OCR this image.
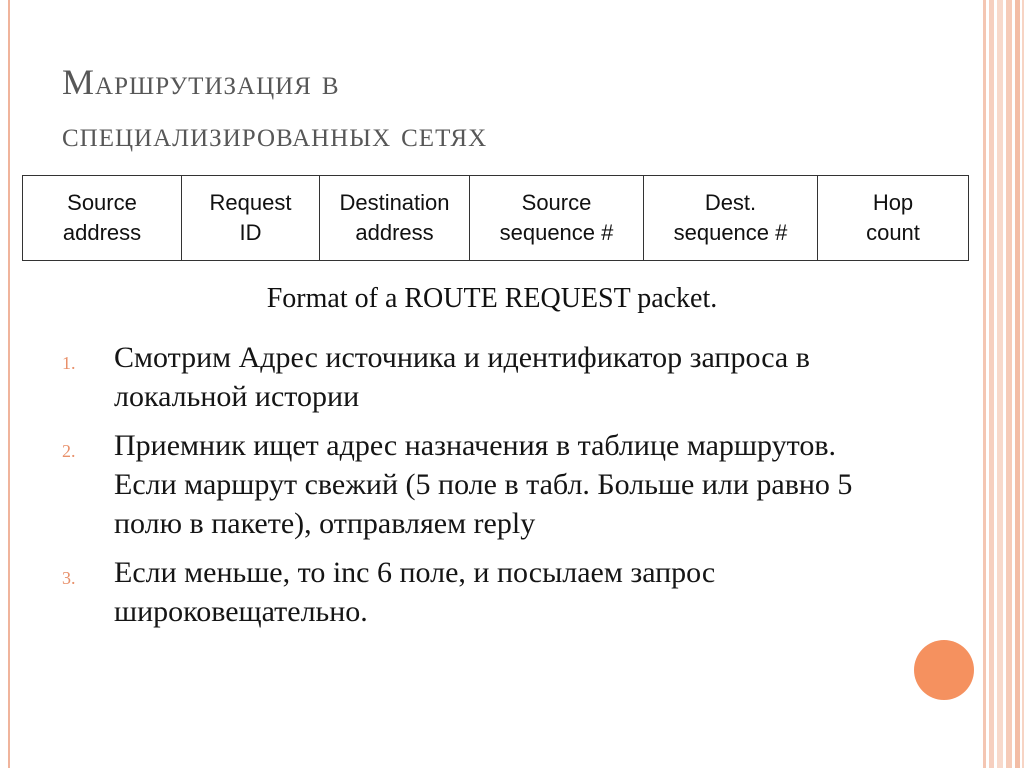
Маршрутизация в
специализированных сетях
Source
address

Request
ID

Destination
address

Source
sequence #

Dest.
sequence #

Hop
count
Format of a ROUTE REQUEST packet.
1. Смотрим Адрес источника и идентификатор запроса в локальной истории
2. Приемник ищет адрес назначения в таблице маршрутов. Если маршрут свежий (5 поле в табл. Больше или равно 5 полю в пакете), отправляем reply
3. Если меньше, то inc 6 поле, и посылаем запрос широковещательно.
